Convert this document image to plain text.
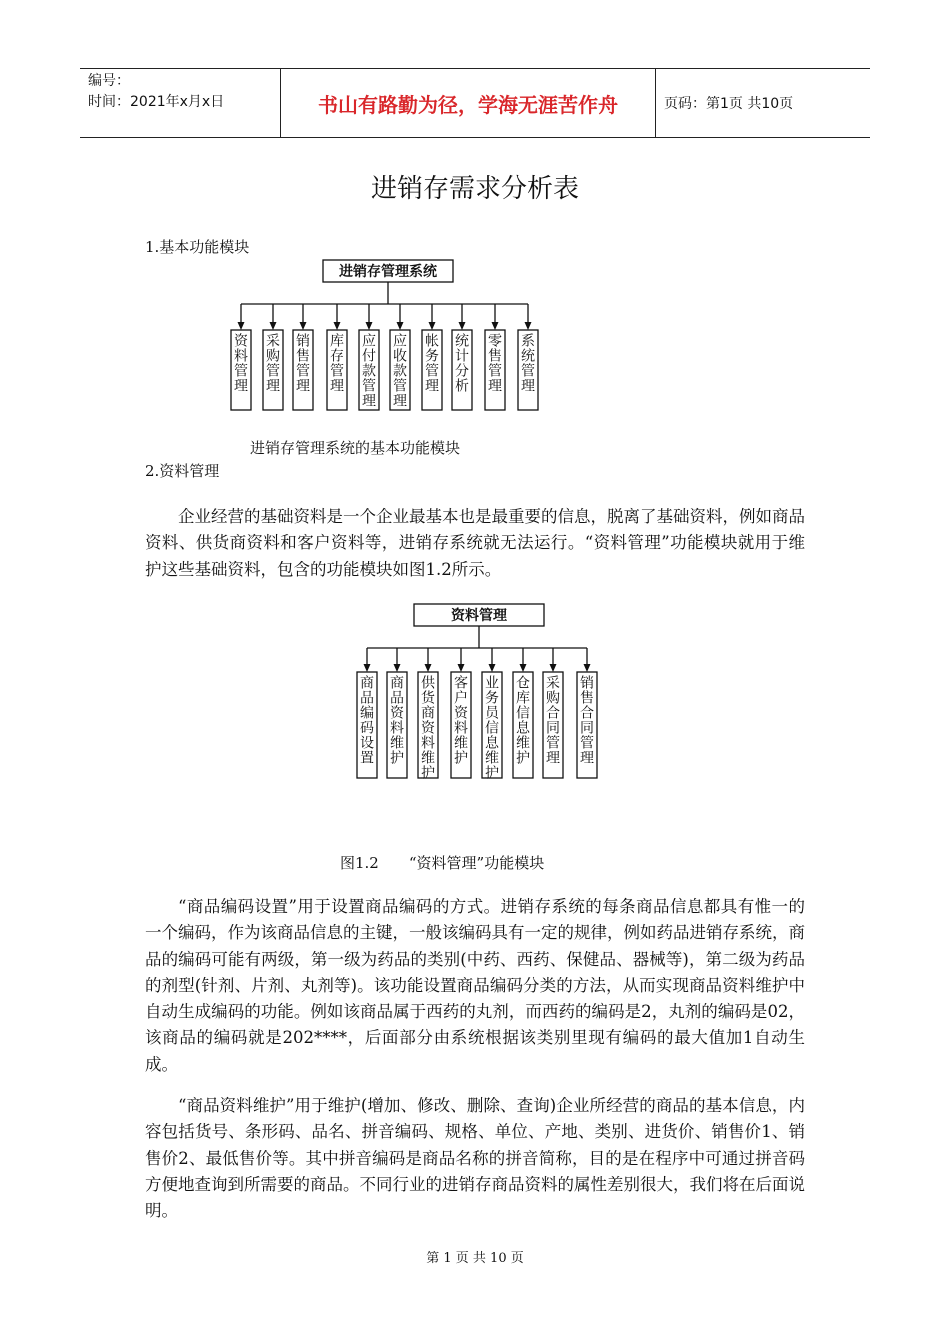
编号：
时间：2021年x月x日	书山有路勤为径，学海无涯苦作舟	页码：第1页 共10页
进销存需求分析表
1.基本功能模块
进销存管理系统
资料管理 采购管理 销售管理 库存管理 应付款管理 应收款管理 帐务管理 统计分析 零售管理 系统管理
进销存管理系统的基本功能模块
2.资料管理

企业经营的基础资料是一个企业最基本也是最重要的信息，脱离了基础资料，例如商品资料、供货商资料和客户资料等，进销存系统就无法运行。“资料管理”功能模块就用于维护这些基础资料，包含的功能模块如图1.2所示。

资料管理
商品编码设置 商品资料维护 供货商资料维护 客户资料维护 业务员信息维护 仓库信息维护 采购合同管理 销售合同管理
图1.2　　“资料管理”功能模块

“商品编码设置”用于设置商品编码的方式。进销存系统的每条商品信息都具有惟一的一个编码，作为该商品信息的主键，一般该编码具有一定的规律，例如药品进销存系统，商品的编码可能有两级，第一级为药品的类别(中药、西药、保健品、器械等)，第二级为药品的剂型(针剂、片剂、丸剂等)。该功能设置商品编码分类的方法，从而实现商品资料维护中自动生成编码的功能。例如该商品属于西药的丸剂，而西药的编码是2，丸剂的编码是02，该商品的编码就是202****，后面部分由系统根据该类别里现有编码的最大值加1自动生成。

“商品资料维护”用于维护(增加、修改、删除、查询)企业所经营的商品的基本信息，内容包括货号、条形码、品名、拼音编码、规格、单位、产地、类别、进货价、销售价1、销售价2、最低售价等。其中拼音编码是商品名称的拼音简称，目的是在程序中可通过拼音码方便地查询到所需要的商品。不同行业的进销存商品资料的属性差别很大，我们将在后面说明。

第 1 页 共 10 页
